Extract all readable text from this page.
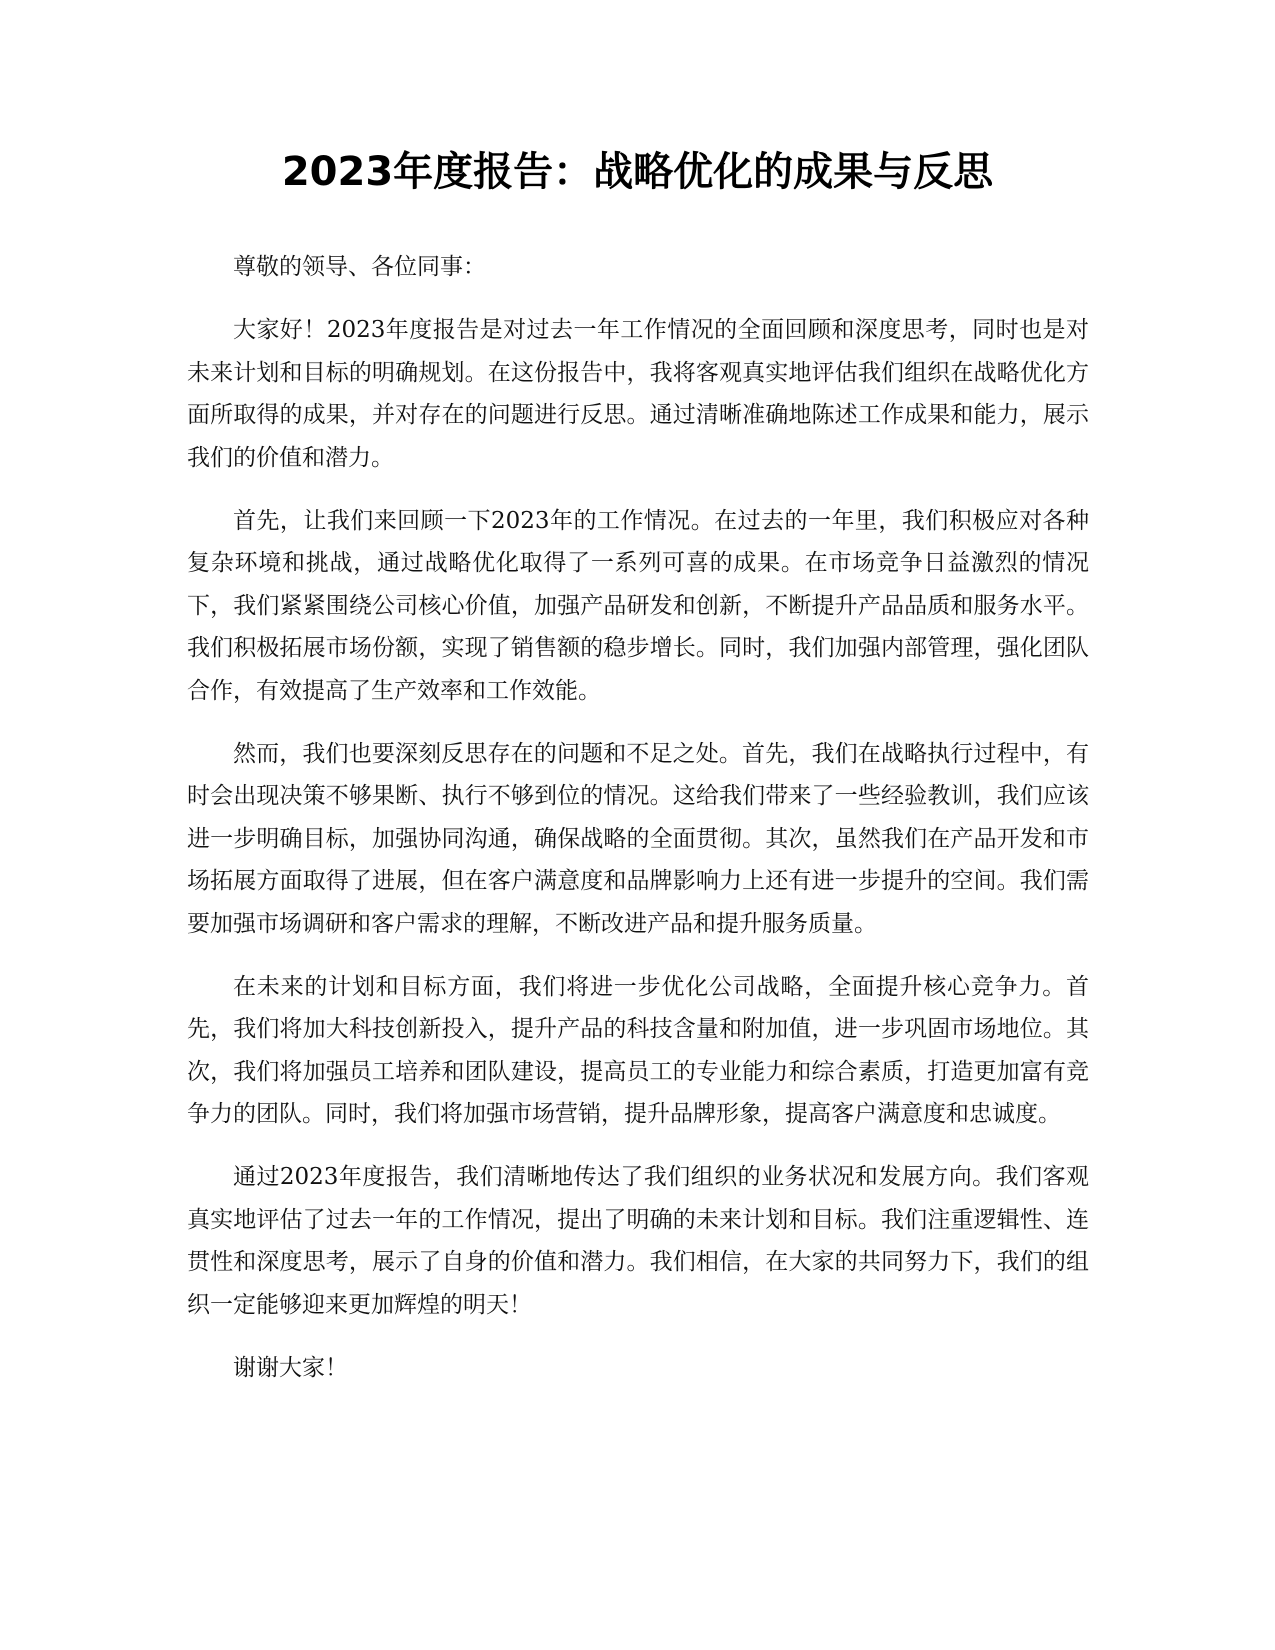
2023年度报告：战略优化的成果与反思

尊敬的领导、各位同事：

大家好！2023年度报告是对过去一年工作情况的全面回顾和深度思考，同时也是对未来计划和目标的明确规划。在这份报告中，我将客观真实地评估我们组织在战略优化方面所取得的成果，并对存在的问题进行反思。通过清晰准确地陈述工作成果和能力，展示我们的价值和潜力。

首先，让我们来回顾一下2023年的工作情况。在过去的一年里，我们积极应对各种复杂环境和挑战，通过战略优化取得了一系列可喜的成果。在市场竞争日益激烈的情况下，我们紧紧围绕公司核心价值，加强产品研发和创新，不断提升产品品质和服务水平。我们积极拓展市场份额，实现了销售额的稳步增长。同时，我们加强内部管理，强化团队合作，有效提高了生产效率和工作效能。

然而，我们也要深刻反思存在的问题和不足之处。首先，我们在战略执行过程中，有时会出现决策不够果断、执行不够到位的情况。这给我们带来了一些经验教训，我们应该进一步明确目标，加强协同沟通，确保战略的全面贯彻。其次，虽然我们在产品开发和市场拓展方面取得了进展，但在客户满意度和品牌影响力上还有进一步提升的空间。我们需要加强市场调研和客户需求的理解，不断改进产品和提升服务质量。

在未来的计划和目标方面，我们将进一步优化公司战略，全面提升核心竞争力。首先，我们将加大科技创新投入，提升产品的科技含量和附加值，进一步巩固市场地位。其次，我们将加强员工培养和团队建设，提高员工的专业能力和综合素质，打造更加富有竞争力的团队。同时，我们将加强市场营销，提升品牌形象，提高客户满意度和忠诚度。

通过2023年度报告，我们清晰地传达了我们组织的业务状况和发展方向。我们客观真实地评估了过去一年的工作情况，提出了明确的未来计划和目标。我们注重逻辑性、连贯性和深度思考，展示了自身的价值和潜力。我们相信，在大家的共同努力下，我们的组织一定能够迎来更加辉煌的明天！

谢谢大家！
